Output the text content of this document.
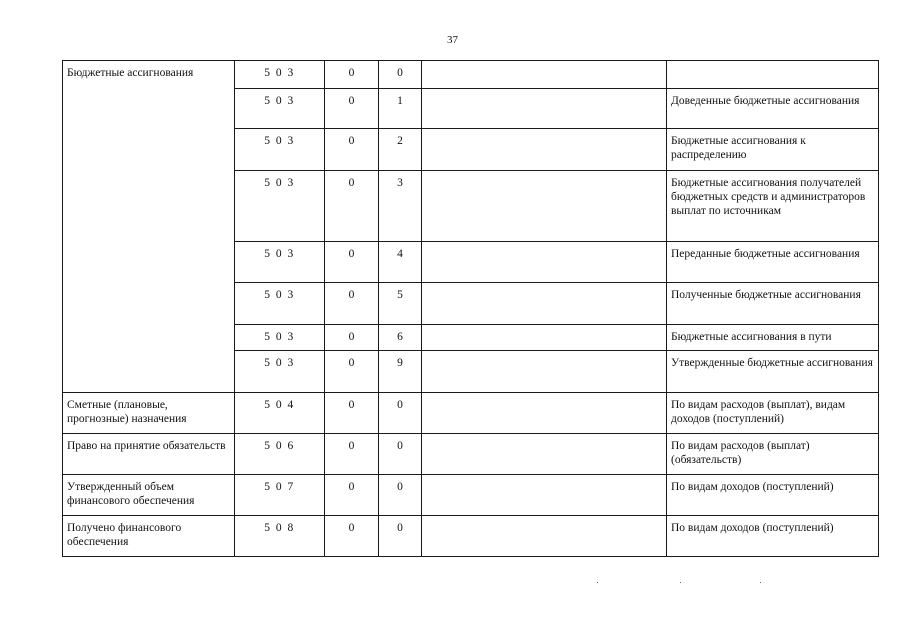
37
Бюджетные ассигнования	5 0 3	0	0		
	5 0 3	0	1		Доведенные бюджетные ассигнования
	5 0 3	0	2		Бюджетные ассигнования к распределению
	5 0 3	0	3		Бюджетные ассигнования получателей бюджетных средств и администраторов выплат по источникам
	5 0 3	0	4		Переданные бюджетные ассигнования
	5 0 3	0	5		Полученные бюджетные ассигнования
	5 0 3	0	6		Бюджетные ассигнования в пути
	5 0 3	0	9		Утвержденные бюджетные ассигнования
Сметные (плановые, прогнозные) назначения	5 0 4	0	0		По видам расходов (выплат), видам доходов (поступлений)
Право на принятие обязательств	5 0 6	0	0		По видам расходов (выплат) (обязательств)
Утвержденный объем финансового обеспечения	5 0 7	0	0		По видам доходов (поступлений)
Получено финансового обеспечения	5 0 8	0	0		По видам доходов (поступлений)
